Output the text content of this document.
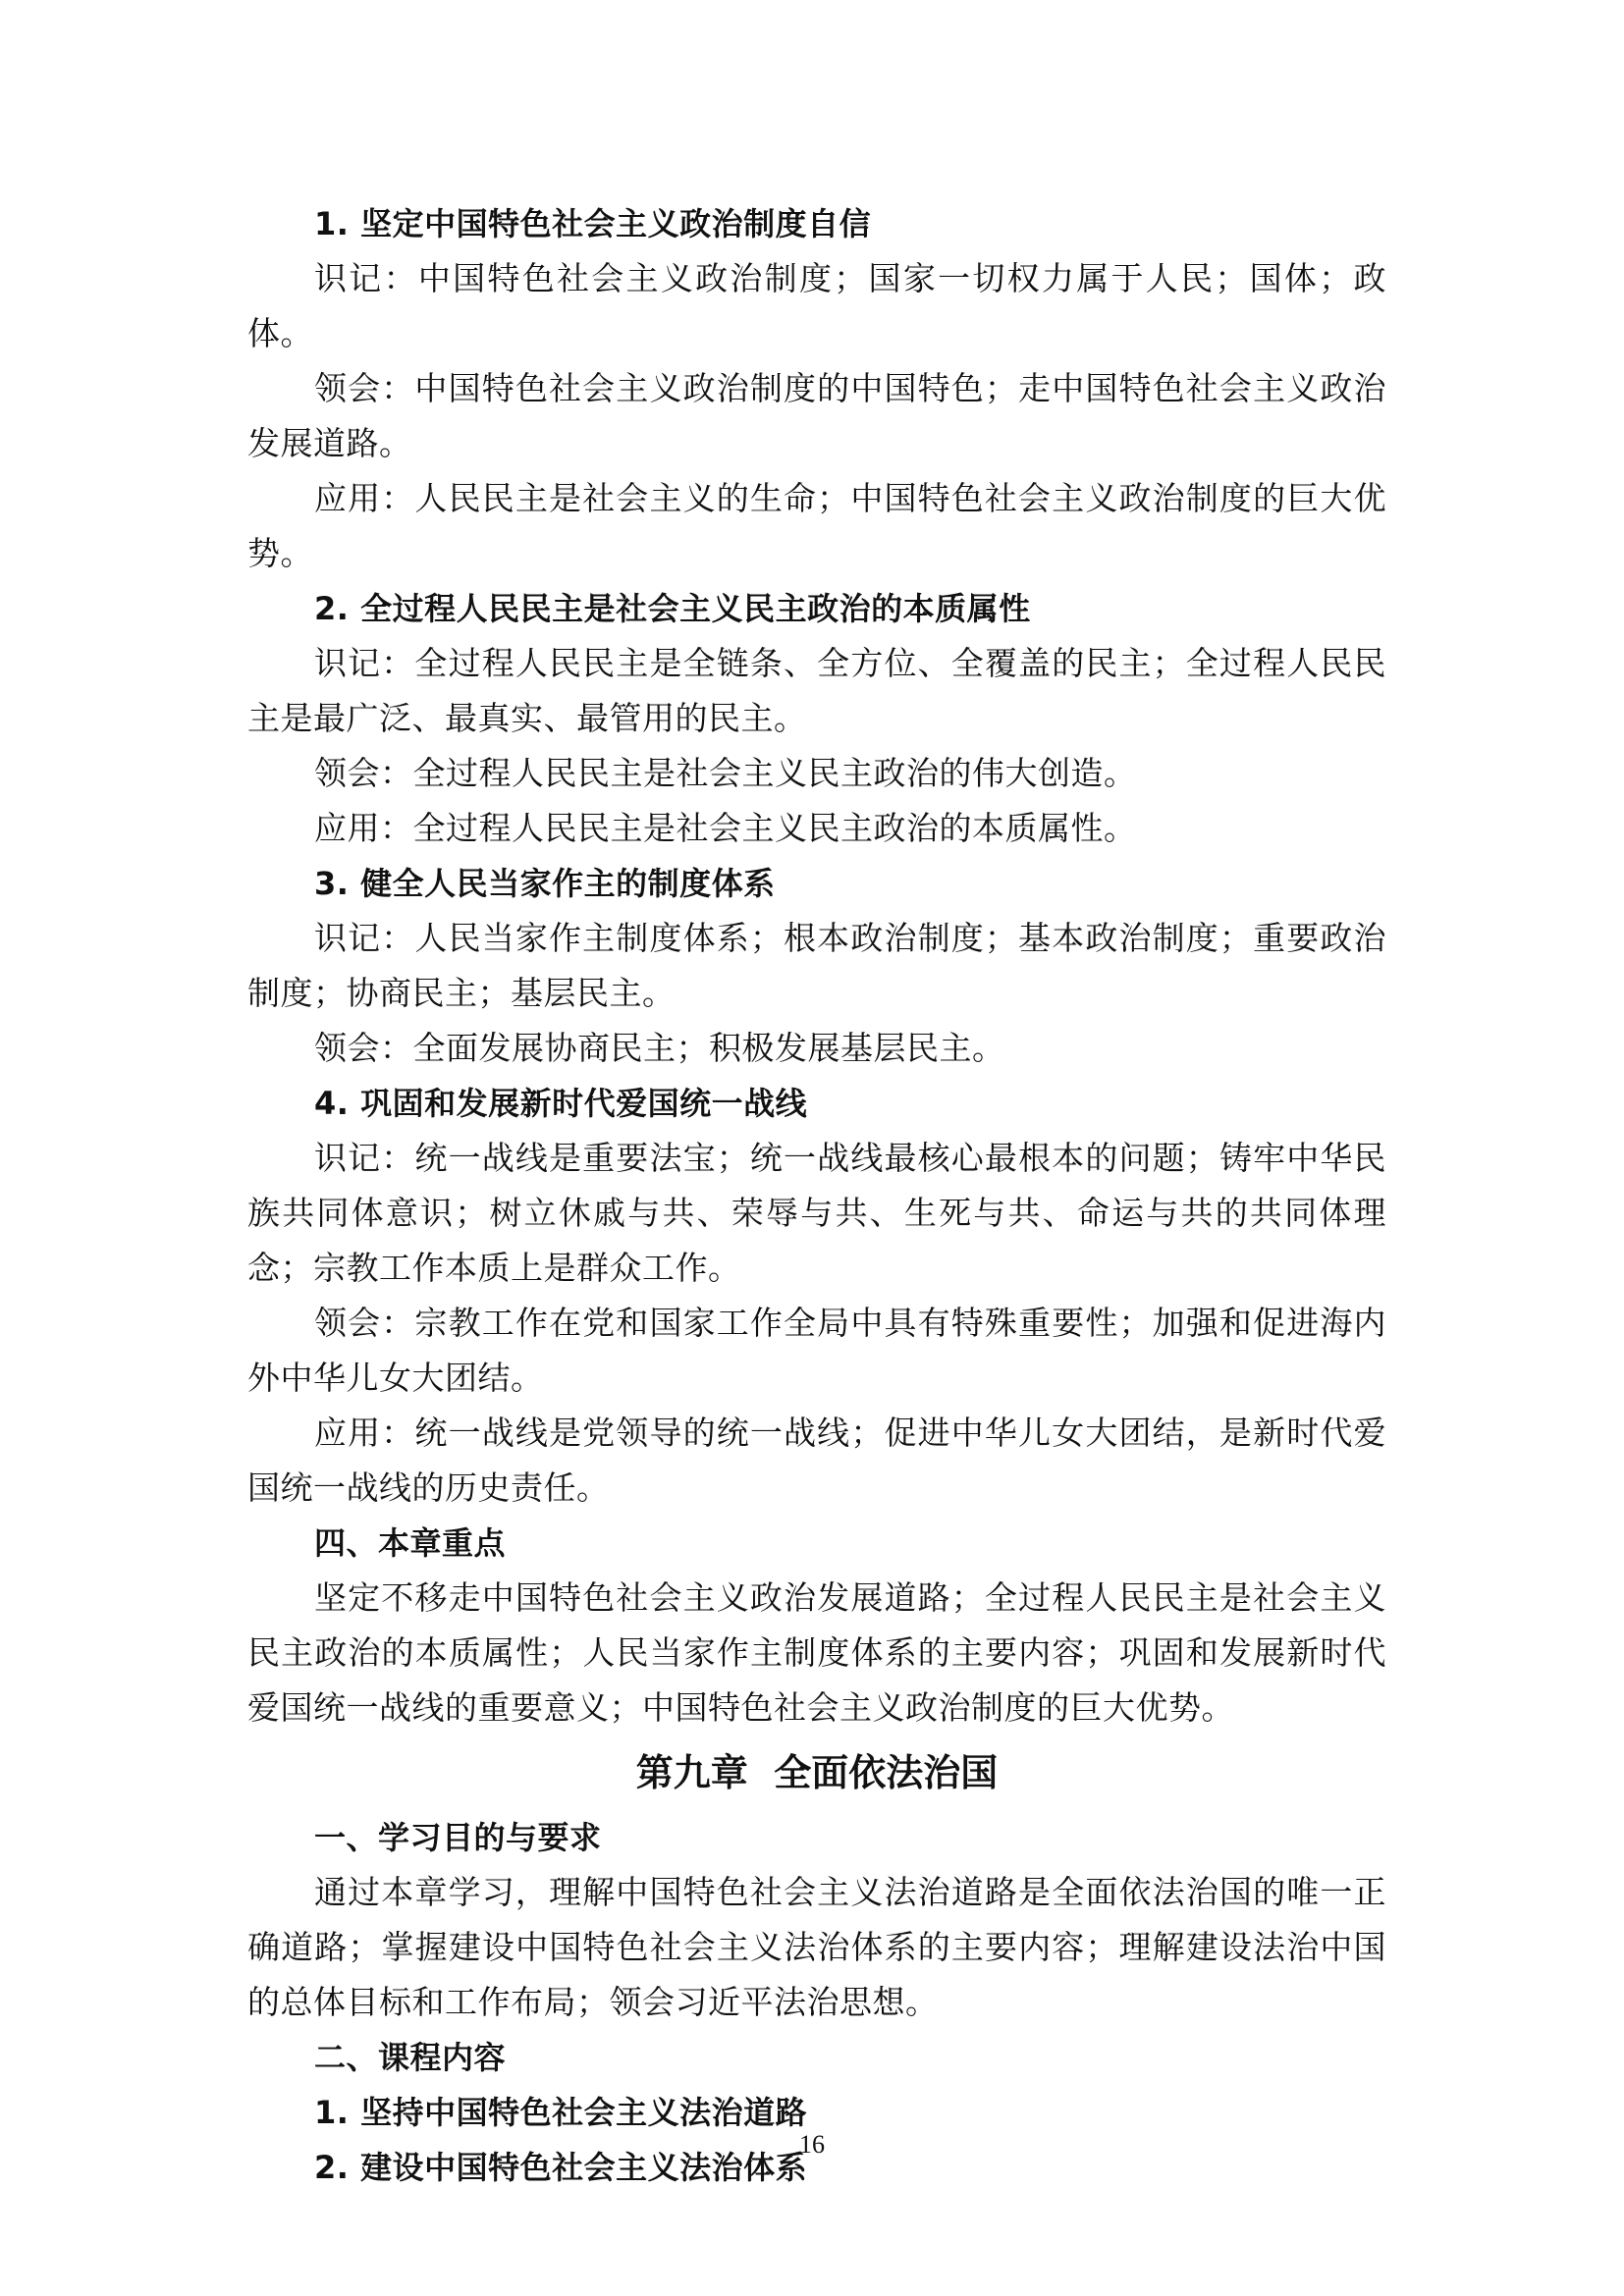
1. 坚定中国特色社会主义政治制度自信
识记：中国特色社会主义政治制度；国家一切权力属于人民；国体；政体。
领会：中国特色社会主义政治制度的中国特色；走中国特色社会主义政治发展道路。
应用：人民民主是社会主义的生命；中国特色社会主义政治制度的巨大优势。
2. 全过程人民民主是社会主义民主政治的本质属性
识记：全过程人民民主是全链条、全方位、全覆盖的民主；全过程人民民主是最广泛、最真实、最管用的民主。
领会：全过程人民民主是社会主义民主政治的伟大创造。
应用：全过程人民民主是社会主义民主政治的本质属性。
3. 健全人民当家作主的制度体系
识记：人民当家作主制度体系；根本政治制度；基本政治制度；重要政治制度；协商民主；基层民主。
领会：全面发展协商民主；积极发展基层民主。
4. 巩固和发展新时代爱国统一战线
识记：统一战线是重要法宝；统一战线最核心最根本的问题；铸牢中华民族共同体意识；树立休戚与共、荣辱与共、生死与共、命运与共的共同体理念；宗教工作本质上是群众工作。
领会：宗教工作在党和国家工作全局中具有特殊重要性；加强和促进海内外中华儿女大团结。
应用：统一战线是党领导的统一战线；促进中华儿女大团结，是新时代爱国统一战线的历史责任。
四、本章重点
坚定不移走中国特色社会主义政治发展道路；全过程人民民主是社会主义民主政治的本质属性；人民当家作主制度体系的主要内容；巩固和发展新时代爱国统一战线的重要意义；中国特色社会主义政治制度的巨大优势。
第九章  全面依法治国
一、学习目的与要求
通过本章学习，理解中国特色社会主义法治道路是全面依法治国的唯一正确道路；掌握建设中国特色社会主义法治体系的主要内容；理解建设法治中国的总体目标和工作布局；领会习近平法治思想。
二、课程内容
1. 坚持中国特色社会主义法治道路
2. 建设中国特色社会主义法治体系
16
